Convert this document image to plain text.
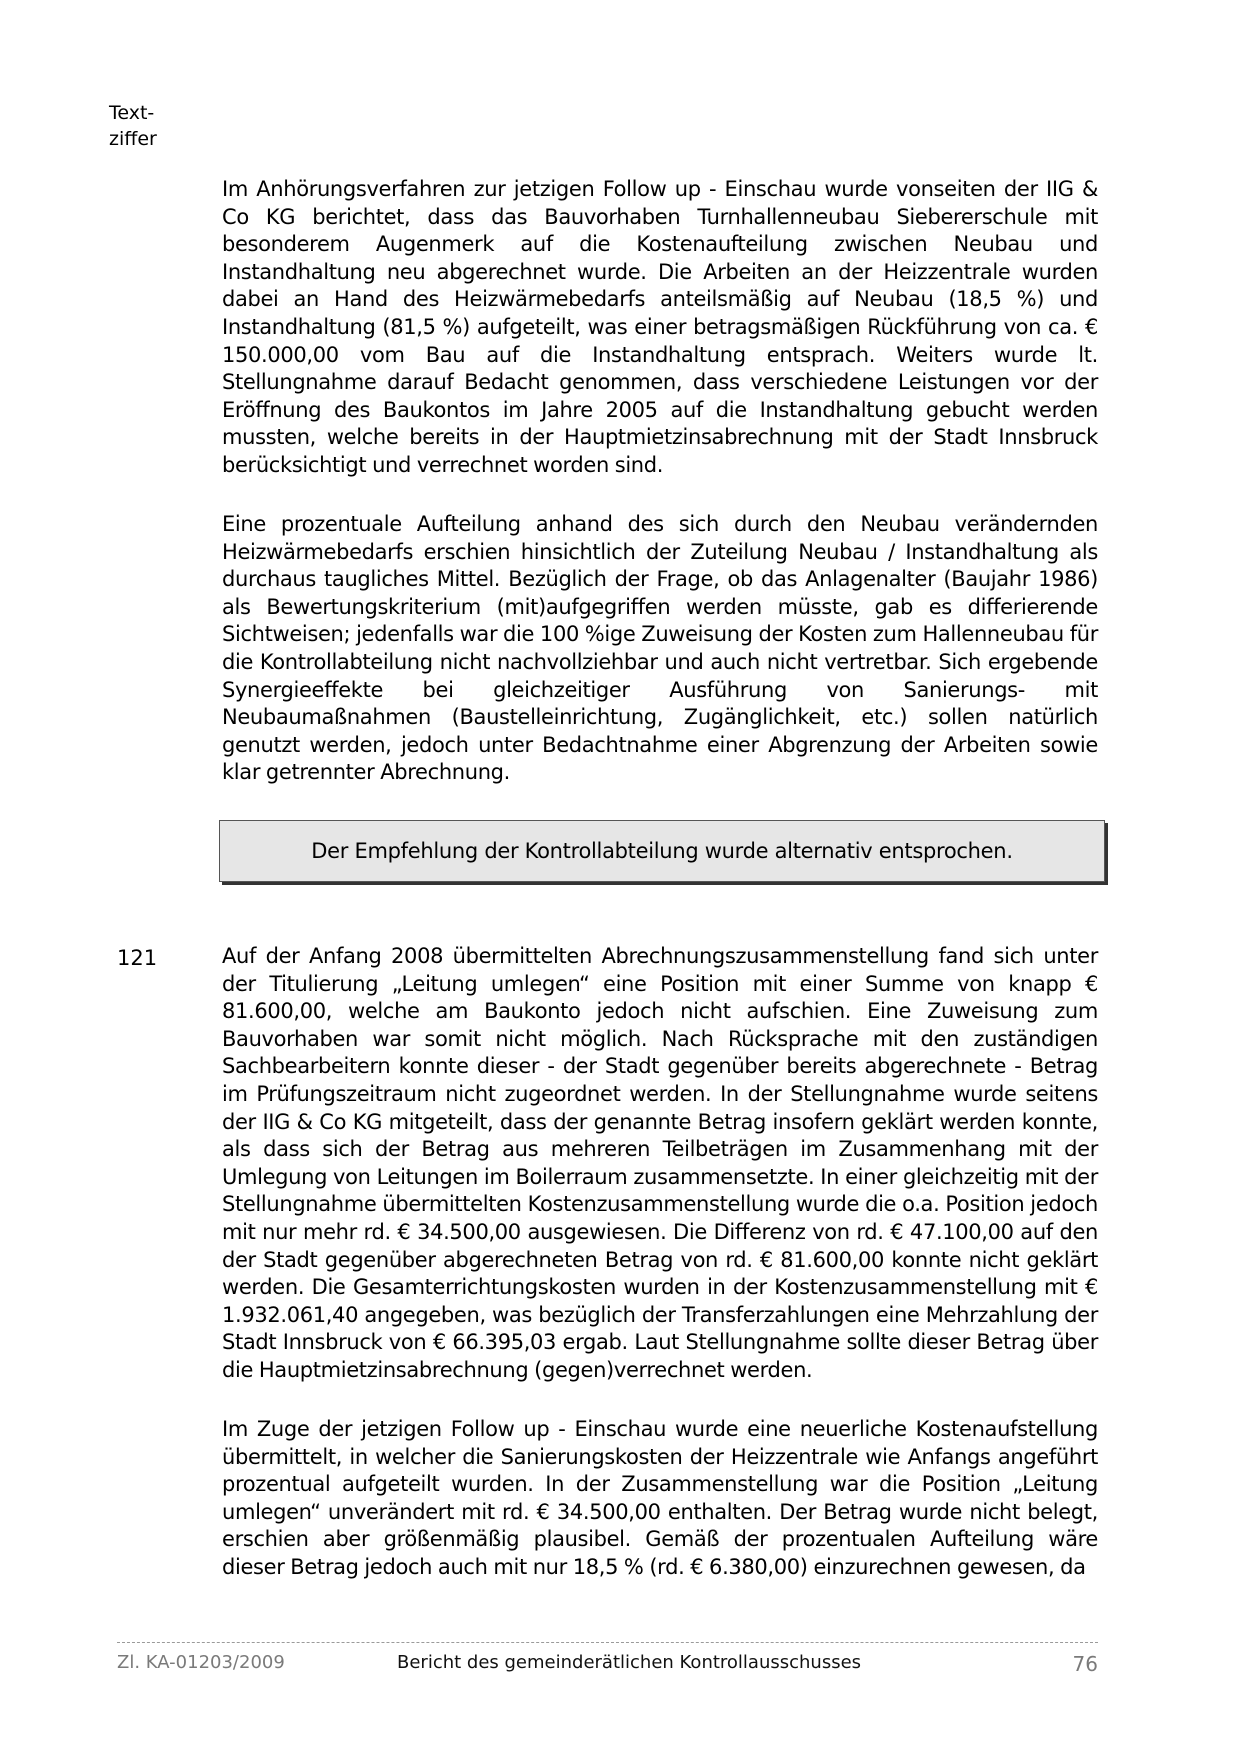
Text-
ziffer

Im Anhörungsverfahren zur jetzigen Follow up - Einschau wurde vonseiten der IIG & Co KG berichtet, dass das Bauvorhaben Turnhallenneubau Siebererschule mit besonderem Augenmerk auf die Kostenaufteilung zwischen Neubau und Instandhaltung neu abgerechnet wurde. Die Arbeiten an der Heizzentrale wurden dabei an Hand des Heizwärmebedarfs anteilsmäßig auf Neubau (18,5 %) und Instandhaltung (81,5 %) aufgeteilt, was einer betragsmäßigen Rückführung von ca. € 150.000,00 vom Bau auf die Instandhaltung entsprach. Weiters wurde lt. Stellungnahme darauf Bedacht genommen, dass verschiedene Leistungen vor der Eröffnung des Baukontos im Jahre 2005 auf die Instandhaltung gebucht werden mussten, welche bereits in der Hauptmietzinsabrechnung mit der Stadt Innsbruck berücksichtigt und verrechnet worden sind.

Eine prozentuale Aufteilung anhand des sich durch den Neubau verändernden Heizwärmebedarfs erschien hinsichtlich der Zuteilung Neubau / Instandhaltung als durchaus taugliches Mittel. Bezüglich der Frage, ob das Anlagenalter (Baujahr 1986) als Bewertungskriterium (mit)aufgegriffen werden müsste, gab es differierende Sichtweisen; jedenfalls war die 100 %ige Zuweisung der Kosten zum Hallenneubau für die Kontrollabteilung nicht nachvollziehbar und auch nicht vertretbar. Sich ergebende Synergieeffekte bei gleichzeitiger Ausführung von Sanierungs- mit Neubaumaßnahmen (Baustelleinrichtung, Zugänglichkeit, etc.) sollen natürlich genutzt werden, jedoch unter Bedachtnahme einer Abgrenzung der Arbeiten sowie klar getrennter Abrechnung.

Der Empfehlung der Kontrollabteilung wurde alternativ entsprochen.
121	Auf der Anfang 2008 übermittelten Abrechnungszusammenstellung fand sich unter der Titulierung „Leitung umlegen“ eine Position mit einer Summe von knapp € 81.600,00, welche am Baukonto jedoch nicht aufschien. Eine Zuweisung zum Bauvorhaben war somit nicht möglich. Nach Rücksprache mit den zuständigen Sachbearbeitern konnte dieser - der Stadt gegenüber bereits abgerechnete - Betrag im Prüfungszeitraum nicht zugeordnet werden. In der Stellungnahme wurde seitens der IIG & Co KG mitgeteilt, dass der genannte Betrag insofern geklärt werden konnte, als dass sich der Betrag aus mehreren Teilbeträgen im Zusammenhang mit der Umlegung von Leitungen im Boilerraum zusammensetzte. In einer gleichzeitig mit der Stellungnahme übermittelten Kostenzusammenstellung wurde die o.a. Position jedoch mit nur mehr rd. € 34.500,00 ausgewiesen. Die Differenz von rd. € 47.100,00 auf den der Stadt gegenüber abgerechneten Betrag von rd. € 81.600,00 konnte nicht geklärt werden. Die Gesamterrichtungskosten wurden in der Kostenzusammenstellung mit € 1.932.061,40 angegeben, was bezüglich der Transferzahlungen eine Mehrzahlung der Stadt Innsbruck von € 66.395,03 ergab. Laut Stellungnahme sollte dieser Betrag über die Hauptmietzinsabrechnung (gegen)verrechnet werden.

Im Zuge der jetzigen Follow up - Einschau wurde eine neuerliche Kostenaufstellung übermittelt, in welcher die Sanierungskosten der Heizzentrale wie Anfangs angeführt prozentual aufgeteilt wurden. In der Zusammenstellung war die Position „Leitung umlegen“ unverändert mit rd. € 34.500,00 enthalten. Der Betrag wurde nicht belegt, erschien aber größenmäßig plausibel. Gemäß der prozentualen Aufteilung wäre dieser Betrag jedoch auch mit nur 18,5 % (rd. € 6.380,00) einzurechnen gewesen, da

Zl. KA-01203/2009	Bericht des gemeinderätlichen Kontrollausschusses	76
